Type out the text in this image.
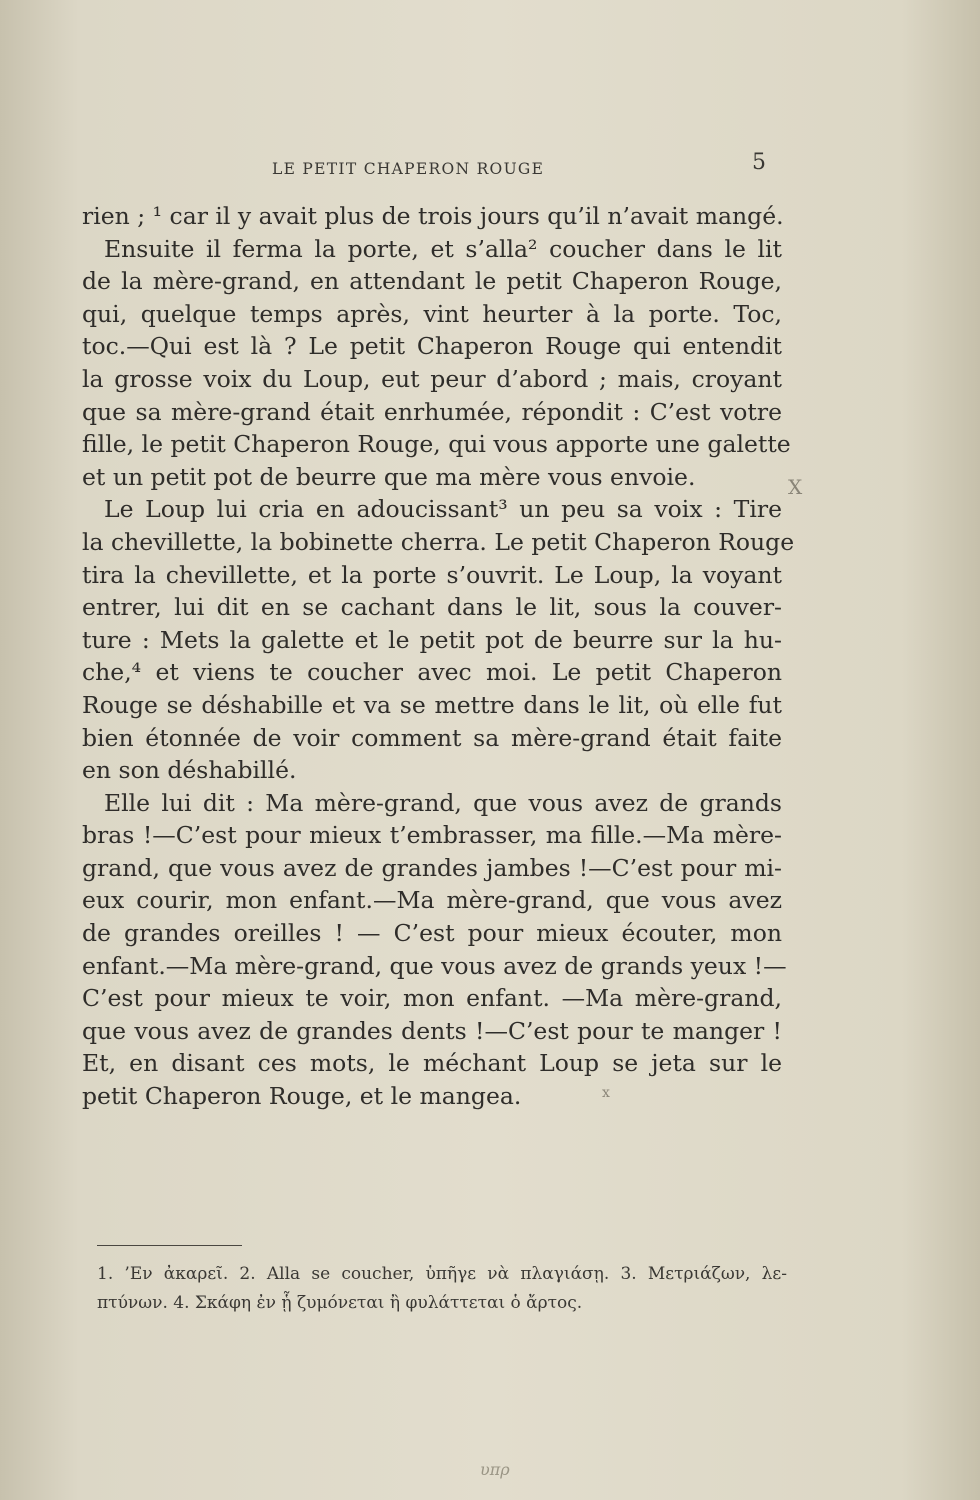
LE PETIT CHAPERON ROUGE	5
rien ; ¹ car il y avait plus de trois jours qu’il n’avait mangé.
Ensuite il ferma la porte, et s’alla² coucher dans le lit
de la mère-grand, en attendant le petit Chaperon Rouge,
qui, quelque temps après, vint heurter à la porte. Toc,
toc.—Qui est là ? Le petit Chaperon Rouge qui entendit
la grosse voix du Loup, eut peur d’abord ; mais, croyant
que sa mère-grand était enrhumée, répondit : C’est votre
fille, le petit Chaperon Rouge, qui vous apporte une galette
et un petit pot de beurre que ma mère vous envoie.
Le Loup lui cria en adoucissant³ un peu sa voix : Tire
la chevillette, la bobinette cherra. Le petit Chaperon Rouge
tira la chevillette, et la porte s’ouvrit. Le Loup, la voyant
entrer, lui dit en se cachant dans le lit, sous la couver-
ture : Mets la galette et le petit pot de beurre sur la hu-
che,⁴ et viens te coucher avec moi. Le petit Chaperon
Rouge se déshabille et va se mettre dans le lit, où elle fut
bien étonnée de voir comment sa mère-grand était faite
en son déshabillé.
Elle lui dit : Ma mère-grand, que vous avez de grands
bras !—C’est pour mieux t’embrasser, ma fille.—Ma mère-
grand, que vous avez de grandes jambes !—C’est pour mi-
eux courir, mon enfant.—Ma mère-grand, que vous avez
de grandes oreilles ! — C’est pour mieux écouter, mon
enfant.—Ma mère-grand, que vous avez de grands yeux !—
C’est pour mieux te voir, mon enfant. —Ma mère-grand,
que vous avez de grandes dents !—C’est pour te manger !
Et, en disant ces mots, le méchant Loup se jeta sur le
petit Chaperon Rouge, et le mangea.
1. ’Εν ἀκαρεῖ. 2. Alla se coucher, ὑπῆγε νὰ πλαγιάσῃ. 3. Μετριάζων, λε-
πτύνων. 4. Σκάφη ἐν ᾗ ζυμόνεται ἢ φυλάττεται ὁ ἄρτος.
X
x
υπρ
